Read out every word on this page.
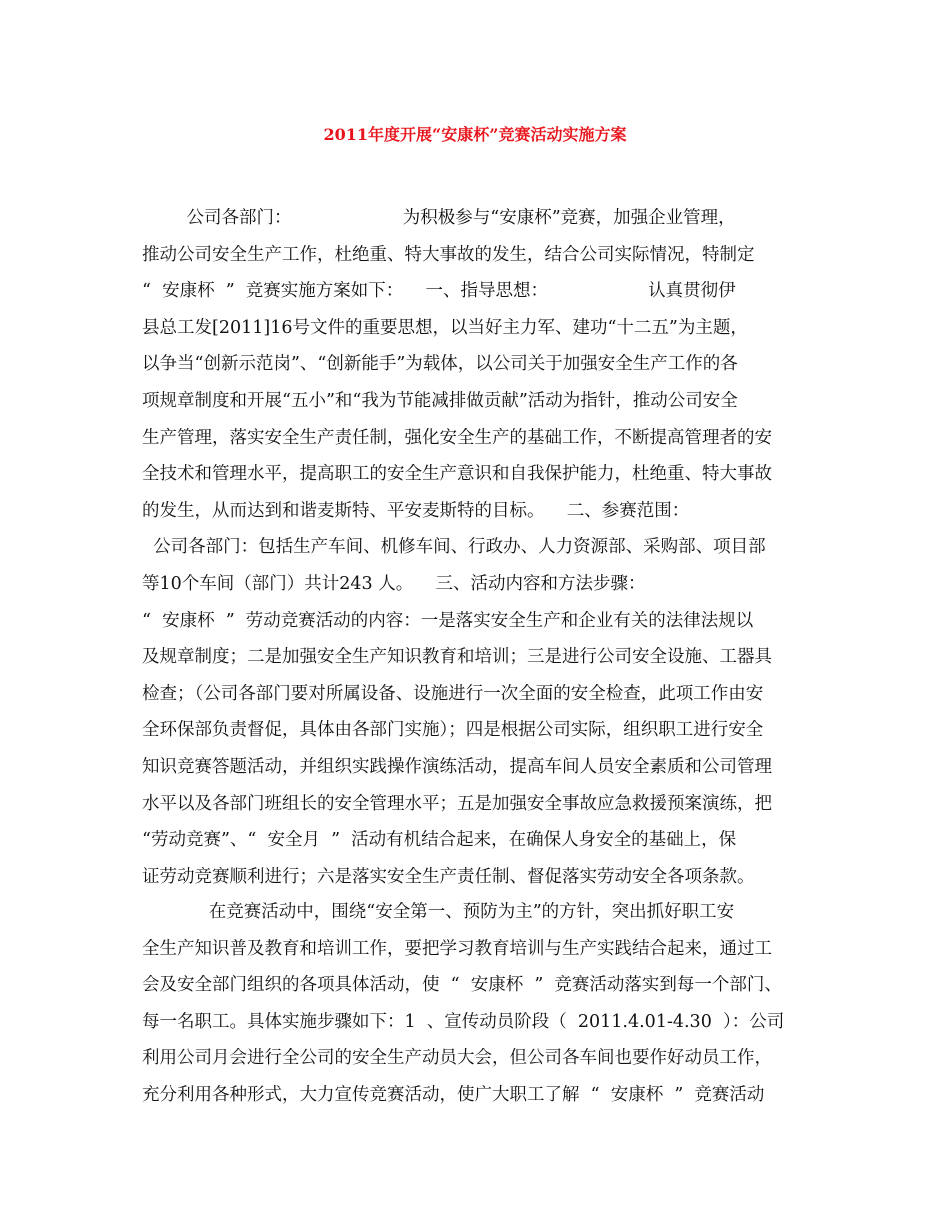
2011年度开展“安康杯”竞赛活动实施方案
公司各部门：                    为积极参与“安康杯”竞赛，加强企业管理，
推动公司安全生产工作，杜绝重、特大事故的发生，结合公司实际情况，特制定
“  安康杯  ”  竞赛实施方案如下：    一、指导思想：                  认真贯彻伊
县总工发[2011]16号文件的重要思想，以当好主力军、建功“十二五”为主题，
以争当“创新示范岗”、“创新能手”为载体，以公司关于加强安全生产工作的各
项规章制度和开展“五小”和“我为节能减排做贡献”活动为指针，推动公司安全
生产管理，落实安全生产责任制，强化安全生产的基础工作，不断提高管理者的安
全技术和管理水平，提高职工的安全生产意识和自我保护能力，杜绝重、特大事故
的发生，从而达到和谐麦斯特、平安麦斯特的目标。    二、参赛范围：
公司各部门：包括生产车间、机修车间、行政办、人力资源部、采购部、项目部
等10个车间（部门）共计243 人。    三、活动内容和方法步骤：
“  安康杯  ”  劳动竞赛活动的内容：一是落实安全生产和企业有关的法律法规以
及规章制度；二是加强安全生产知识教育和培训；三是进行公司安全设施、工器具
检查；（公司各部门要对所属设备、设施进行一次全面的安全检查，此项工作由安
全环保部负责督促，具体由各部门实施）；四是根据公司实际，组织职工进行安全
知识竞赛答题活动，并组织实践操作演练活动，提高车间人员安全素质和公司管理
水平以及各部门班组长的安全管理水平；五是加强安全事故应急救援预案演练，把
“劳动竞赛”、“  安全月  ”  活动有机结合起来，在确保人身安全的基础上，保
证劳动竞赛顺利进行；六是落实安全生产责任制、督促落实劳动安全各项条款。
在竞赛活动中，围绕“安全第一、预防为主”的方针，突出抓好职工安
全生产知识普及教育和培训工作，要把学习教育培训与生产实践结合起来，通过工
会及安全部门组织的各项具体活动，使  “  安康杯  ”  竞赛活动落实到每一个部门、
每一名职工。具体实施步骤如下：1  、宣传动员阶段（  2011.4.01-4.30  ）：公司
利用公司月会进行全公司的安全生产动员大会，但公司各车间也要作好动员工作，
充分利用各种形式，大力宣传竞赛活动，使广大职工了解  “  安康杯  ”  竞赛活动
